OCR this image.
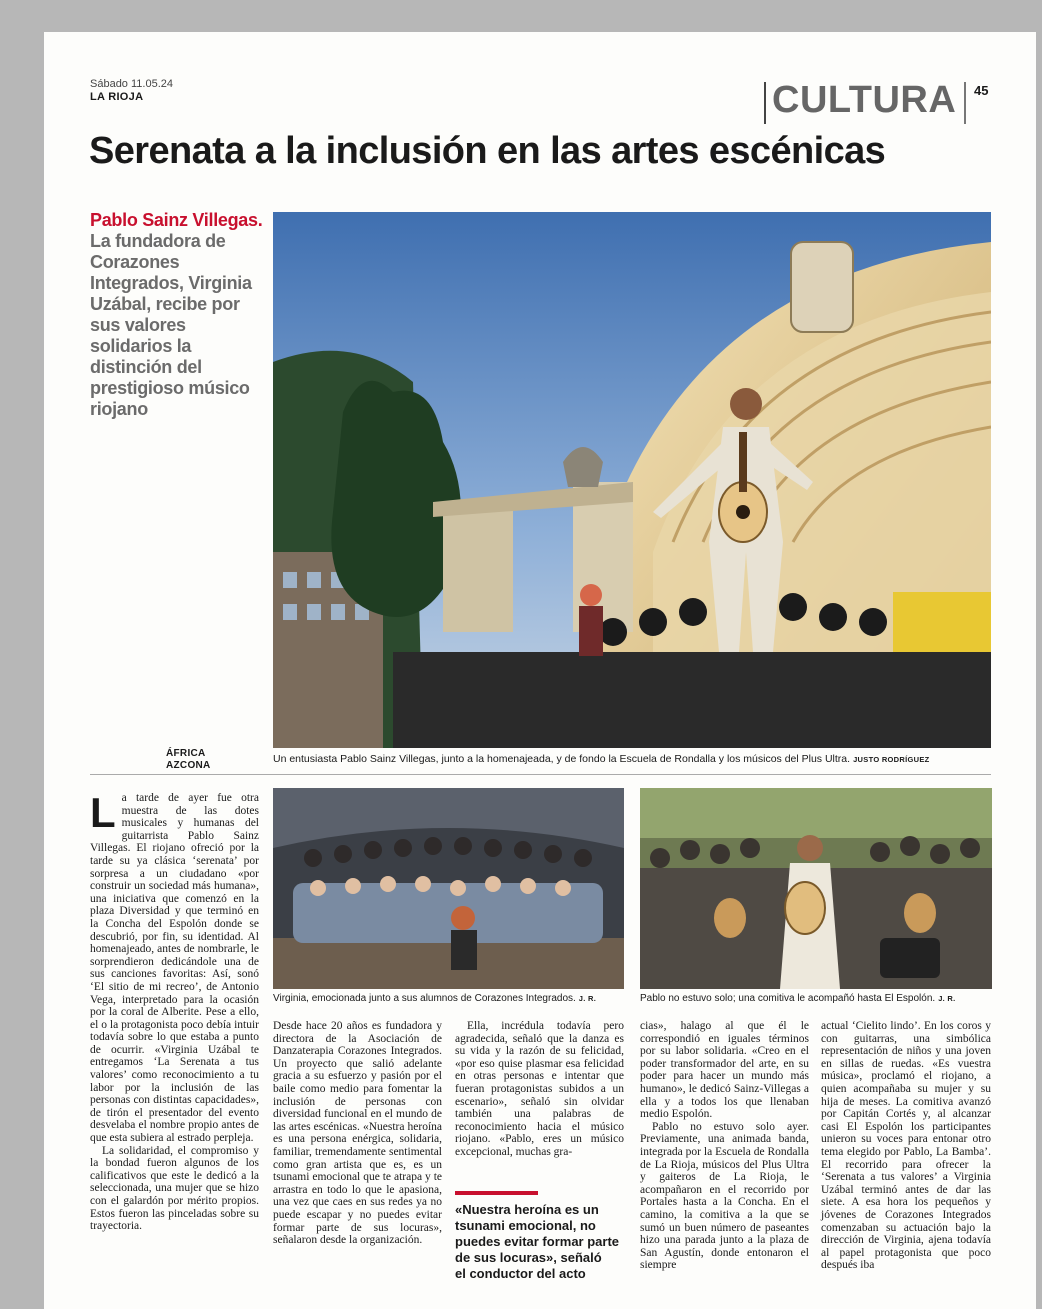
Sábado 11.05.24
LA RIOJA	CULTURA 45
Serenata a la inclusión en las artes escénicas
Pablo Sainz Villegas. La fundadora de Corazones Integrados, Virginia Uzábal, recibe por sus valores solidarios la distinción del prestigioso músico riojano
ÁFRICA
AZCONA
Un entusiasta Pablo Sainz Villegas, junto a la homenajeada, y de fondo la Escuela de Rondalla y los músicos del Plus Ultra. JUSTO RODRÍGUEZ
Virginia, emocionada junto a sus alumnos de Corazones Integrados. J. R.	Pablo no estuvo solo; una comitiva le acompañó hasta El Espolón. J. R.

La tarde de ayer fue otra muestra de las dotes musicales y humanas del guitarrista Pablo Sainz Villegas. El riojano ofreció por la tarde su ya clásica ‘serenata’ por sorpresa a un ciudadano «por construir un sociedad más humana», una iniciativa que comenzó en la plaza Diversidad y que terminó en la Concha del Espolón donde se descubrió, por fin, su identidad. Al homenajeado, antes de nombrarle, le sorprendieron dedicándole una de sus canciones favoritas: Así, sonó ‘El sitio de mi recreo’, de Antonio Vega, interpretado para la ocasión por la coral de Alberite. Pese a ello, el o la protagonista poco debía intuir todavía sobre lo que estaba a punto de ocurrir. «Virginia Uzábal te entregamos ‘La Serenata a tus valores’ como reconocimiento a tu labor por la inclusión de las personas con distintas capacidades», de tirón el presentador del evento desvelaba el nombre propio antes de que esta subiera al estrado perpleja.

La solidaridad, el compromiso y la bondad fueron algunos de los calificativos que este le dedicó a la seleccionada, una mujer que se hizo con el galardón por mérito propios. Estos fueron las pinceladas sobre su trayectoria.

Desde hace 20 años es fundadora y directora de la Asociación de Danzaterapia Corazones Integrados. Un proyecto que salió adelante gracia a su esfuerzo y pasión por el baile como medio para fomentar la inclusión de personas con diversidad funcional en el mundo de las artes escénicas. «Nuestra heroína es una persona enérgica, solidaria, familiar, tremendamente sentimental como gran artista que es, es un tsunami emocional que te atrapa y te arrastra en todo lo que le apasiona, una vez que caes en sus redes ya no puede escapar y no puedes evitar formar parte de sus locuras», señalaron desde la organización.

Ella, incrédula todavía pero agradecida, señaló que la danza es su vida y la razón de su felicidad, «por eso quise plasmar esa felicidad en otras personas e intentar que fueran protagonistas subidos a un escenario», señaló sin olvidar también una palabras de reconocimiento hacia el músico riojano. «Pablo, eres un músico excepcional, muchas gra-

«Nuestra heroína es un tsunami emocional, no puedes evitar formar parte de sus locuras», señaló
el conductor del acto

cias», halago al que él le correspondió en iguales términos por su labor solidaria. «Creo en el poder transformador del arte, en su poder para hacer un mundo más humano», le dedicó Sainz-Villegas a ella y a todos los que llenaban medio Espolón.

Pablo no estuvo solo ayer. Previamente, una animada banda, integrada por la Escuela de Rondalla de La Rioja, músicos del Plus Ultra y gaiteros de La Rioja, le acompañaron en el recorrido por Portales hasta a la Concha. En el camino, la comitiva a la que se sumó un buen número de paseantes hizo una parada junto a la plaza de San Agustín, donde entonaron el siempre

actual ‘Cielito lindo’. En los coros y con guitarras, una simbólica representación de niños y una joven en sillas de ruedas. «Es vuestra música», proclamó el riojano, a quien acompañaba su mujer y su hija de meses. La comitiva avanzó por Capitán Cortés y, al alcanzar casi El Espolón los participantes unieron su voces para entonar otro tema elegido por Pablo, La Bamba’. El recorrido para ofrecer la ‘Serenata a tus valores’ a Virginia Uzábal terminó antes de dar las siete. A esa hora los pequeños y jóvenes de Corazones Integrados comenzaban su actuación bajo la dirección de Virginia, ajena todavía al papel protagonista que poco después iba
